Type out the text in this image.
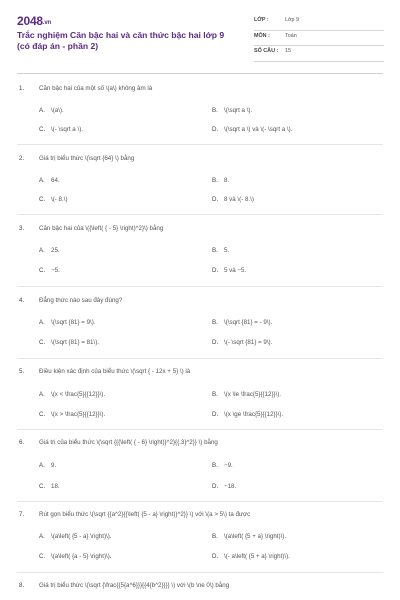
2048.vn
Trắc nghiệm Căn bậc hai và căn thức bậc hai lớp 9 (có đáp án - phần 2)
LỚP :	Lớp 9
MÔN :	Toán
SỐ CÂU : 15
1. Căn bậc hai của một số \(a\) không âm là
A. \(a\).	B. \(\sqrt a \).
C. \(- \sqrt a \).	D. \(\sqrt a \) và \(- \sqrt a \).
2. Giá trị biểu thức \(\sqrt {64} \) bằng
A. 64.	B. 8.
C. \(- 8.\)	D. 8 và \(- 8.\)
3. Căn bậc hai của \({\left( { - 5} \right)^2}\) bằng
A. 25.	B. 5.
C. −5.	D. 5 và −5.
4. Đẳng thức nào sau đây đúng?
A. \(\sqrt {81} = 9\).	B. \(\sqrt {81} = - 9\).
C. \(\sqrt {81} = 81\).	D. \(- \sqrt {81} = 9\).
5. Điều kiện xác định của biểu thức \(\sqrt { - 12x + 5} \) là
A. \(x < \frac{5}{{12}}\).	B. \(x \le \frac{5}{{12}}\).
C. \(x > \frac{5}{{12}}\).	D. \(x \ge \frac{5}{{12}}\).
6. Giá trị của biểu thức \(\sqrt {{{\left( { - 6} \right)}^2}{{.3}^2}} \) bằng
A. 9.	B. −9.
C. 18.	D. −18.
7. Rút gọn biểu thức \(\sqrt {{a^2}{{\left( {5 - a} \right)}^2}} \) với \(a > 5\) ta được
A. \(a\left( {5 - a} \right)\).	B. \(a\left( {5 + a} \right)\).
C. \(a\left( {a - 5} \right)\).	D. \(- a\left( {5 + a} \right)\).
8. Giá trị biểu thức \(\sqrt {\frac{{5{a^6}}}{{4{b^2}}}} \) với \(b \ne 0\) bằng
